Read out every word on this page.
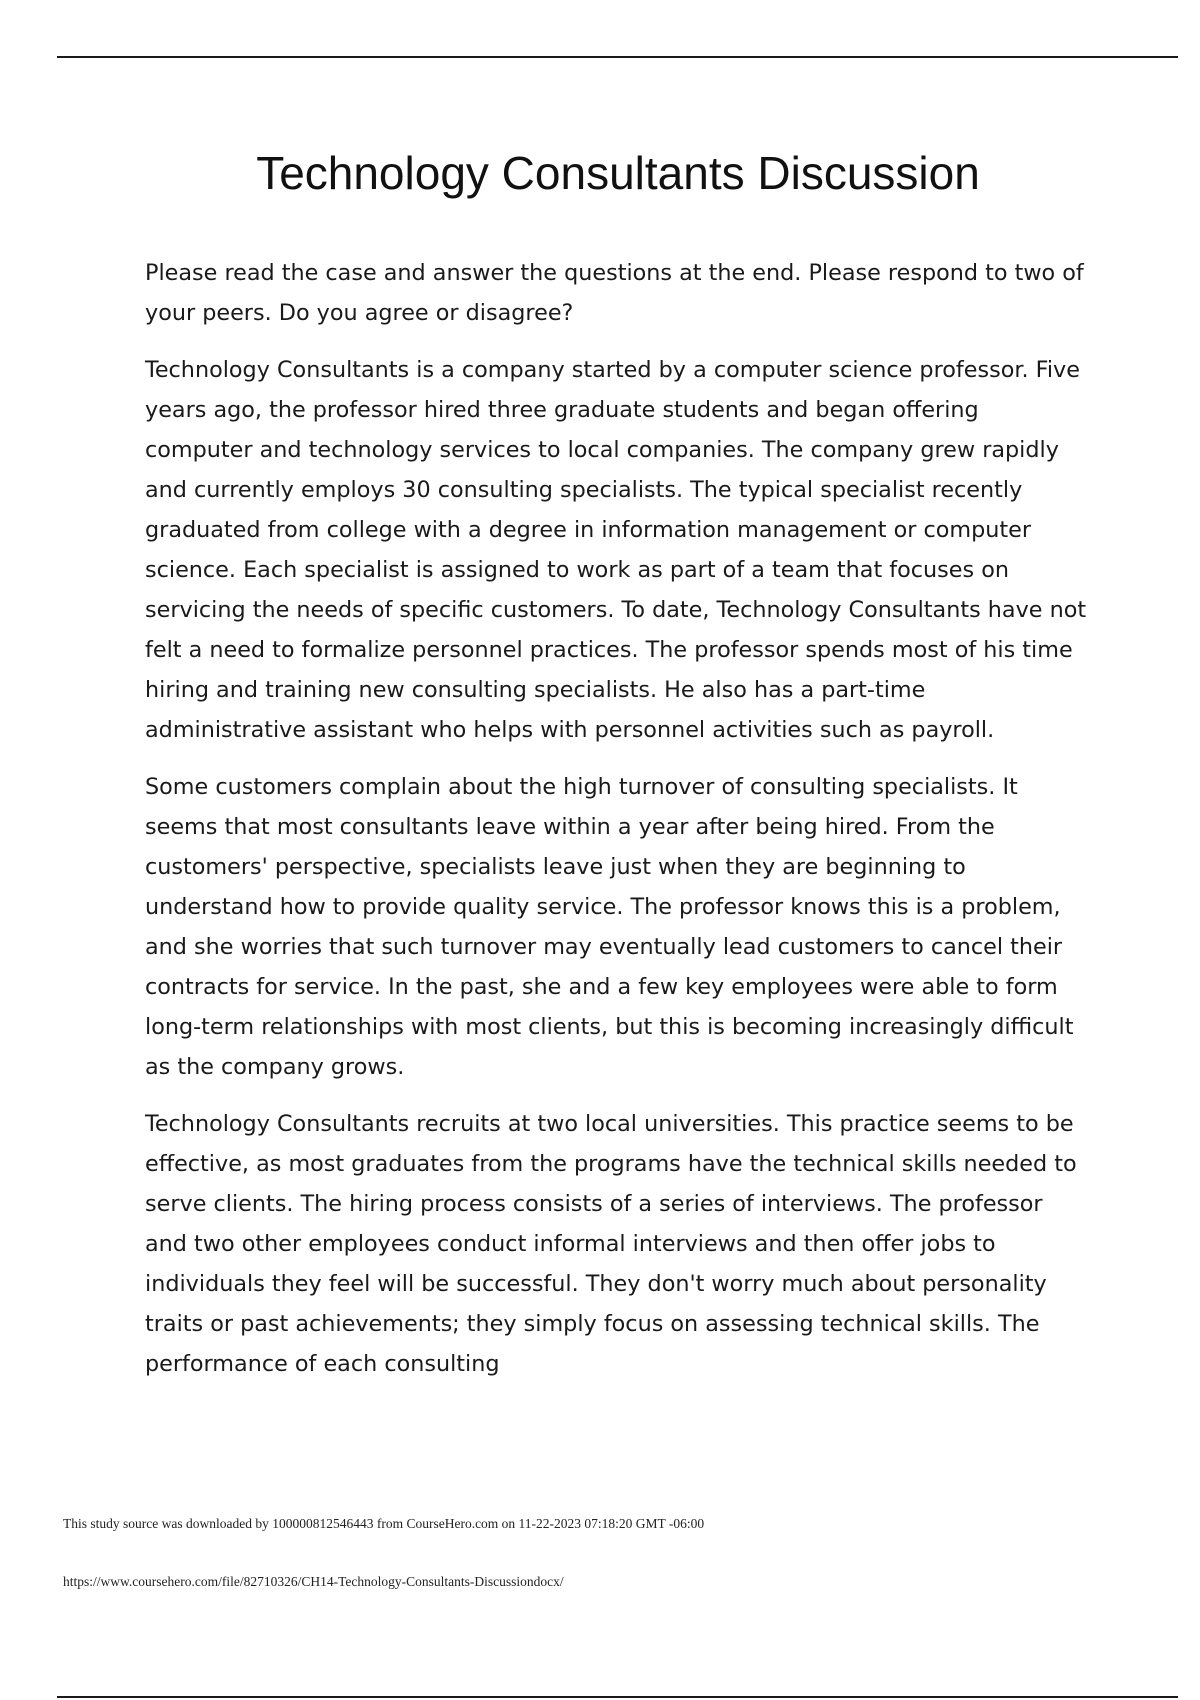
Technology Consultants Discussion

Please read the case and answer the questions at the end. Please respond to two of your peers. Do you agree or disagree?

Technology Consultants is a company started by a computer science professor. Five years ago, the professor hired three graduate students and began offering computer and technology services to local companies. The company grew rapidly and currently employs 30 consulting specialists. The typical specialist recently graduated from college with a degree in information management or computer science. Each specialist is assigned to work as part of a team that focuses on servicing the needs of specific customers. To date, Technology Consultants have not felt a need to formalize personnel practices. The professor spends most of his time hiring and training new consulting specialists. He also has a part-time administrative assistant who helps with personnel activities such as payroll.

Some customers complain about the high turnover of consulting specialists. It seems that most consultants leave within a year after being hired. From the customers' perspective, specialists leave just when they are beginning to understand how to provide quality service. The professor knows this is a problem, and she worries that such turnover may eventually lead customers to cancel their contracts for service. In the past, she and a few key employees were able to form long-term relationships with most clients, but this is becoming increasingly difficult as the company grows.

Technology Consultants recruits at two local universities. This practice seems to be effective, as most graduates from the programs have the technical skills needed to serve clients. The hiring process consists of a series of interviews. The professor and two other employees conduct informal interviews and then offer jobs to individuals they feel will be successful. They don't worry much about personality traits or past achievements; they simply focus on assessing technical skills. The performance of each consulting

This study source was downloaded by 100000812546443 from CourseHero.com on 11-22-2023 07:18:20 GMT -06:00
https://www.coursehero.com/file/82710326/CH14-Technology-Consultants-Discussiondocx/
